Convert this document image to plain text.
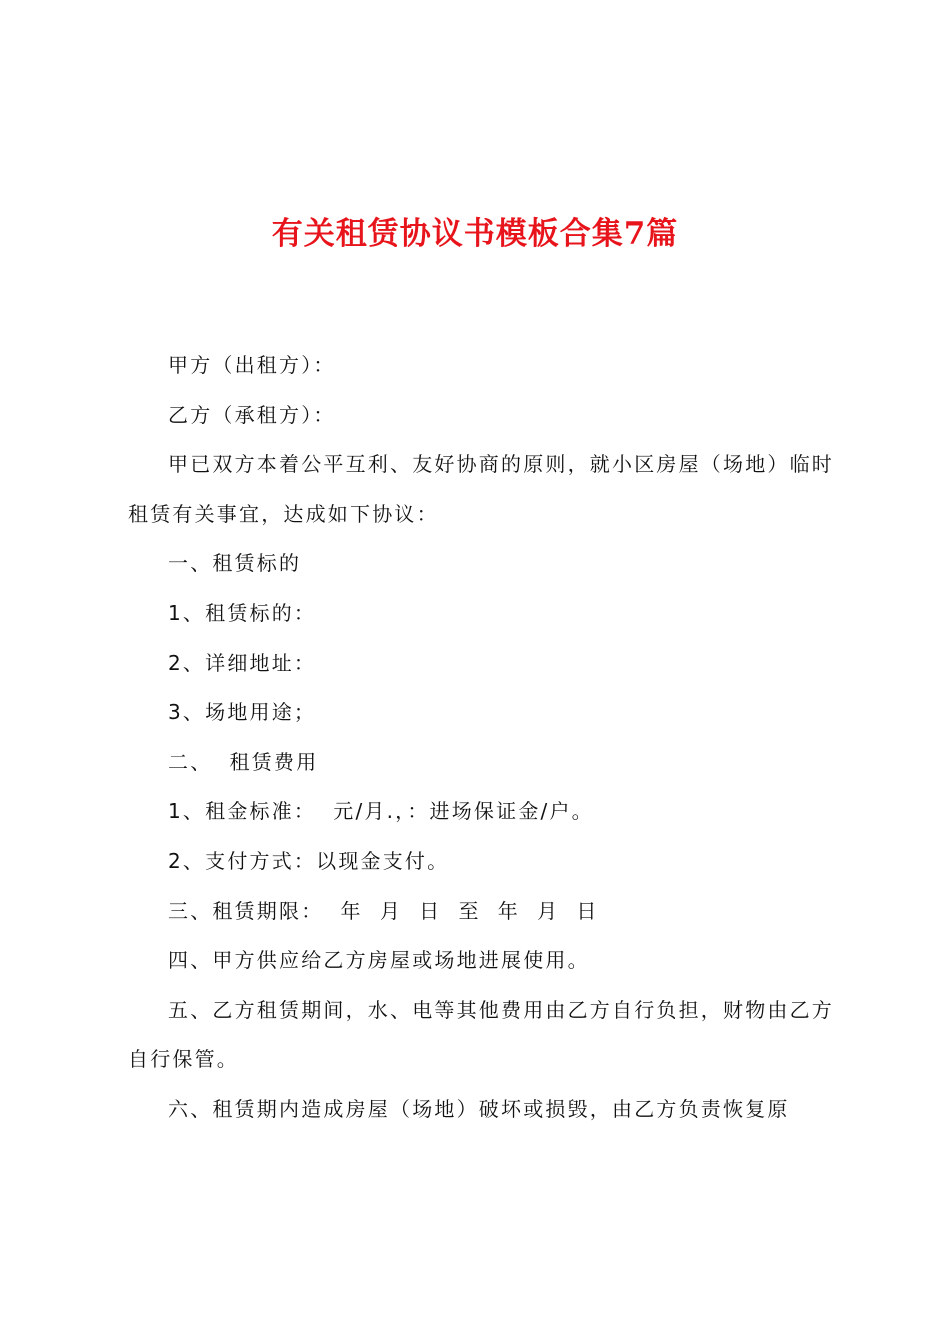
有关租赁协议书模板合集7篇

甲方（出租方）：

乙方（承租方）：

甲已双方本着公平互利、友好协商的原则，就小区房屋（场地）临时租赁有关事宜，达成如下协议：

一、租赁标的

1、租赁标的：

2、详细地址：

3、场地用途；

二、  租赁费用

1、租金标准：  元/月.，：进场保证金/户。

2、支付方式：以现金支付。

三、租赁期限：  年  月  日  至  年  月  日

四、甲方供应给乙方房屋或场地进展使用。

五、乙方租赁期间，水、电等其他费用由乙方自行负担，财物由乙方自行保管。

六、租赁期内造成房屋（场地）破坏或损毁，由乙方负责恢复原
